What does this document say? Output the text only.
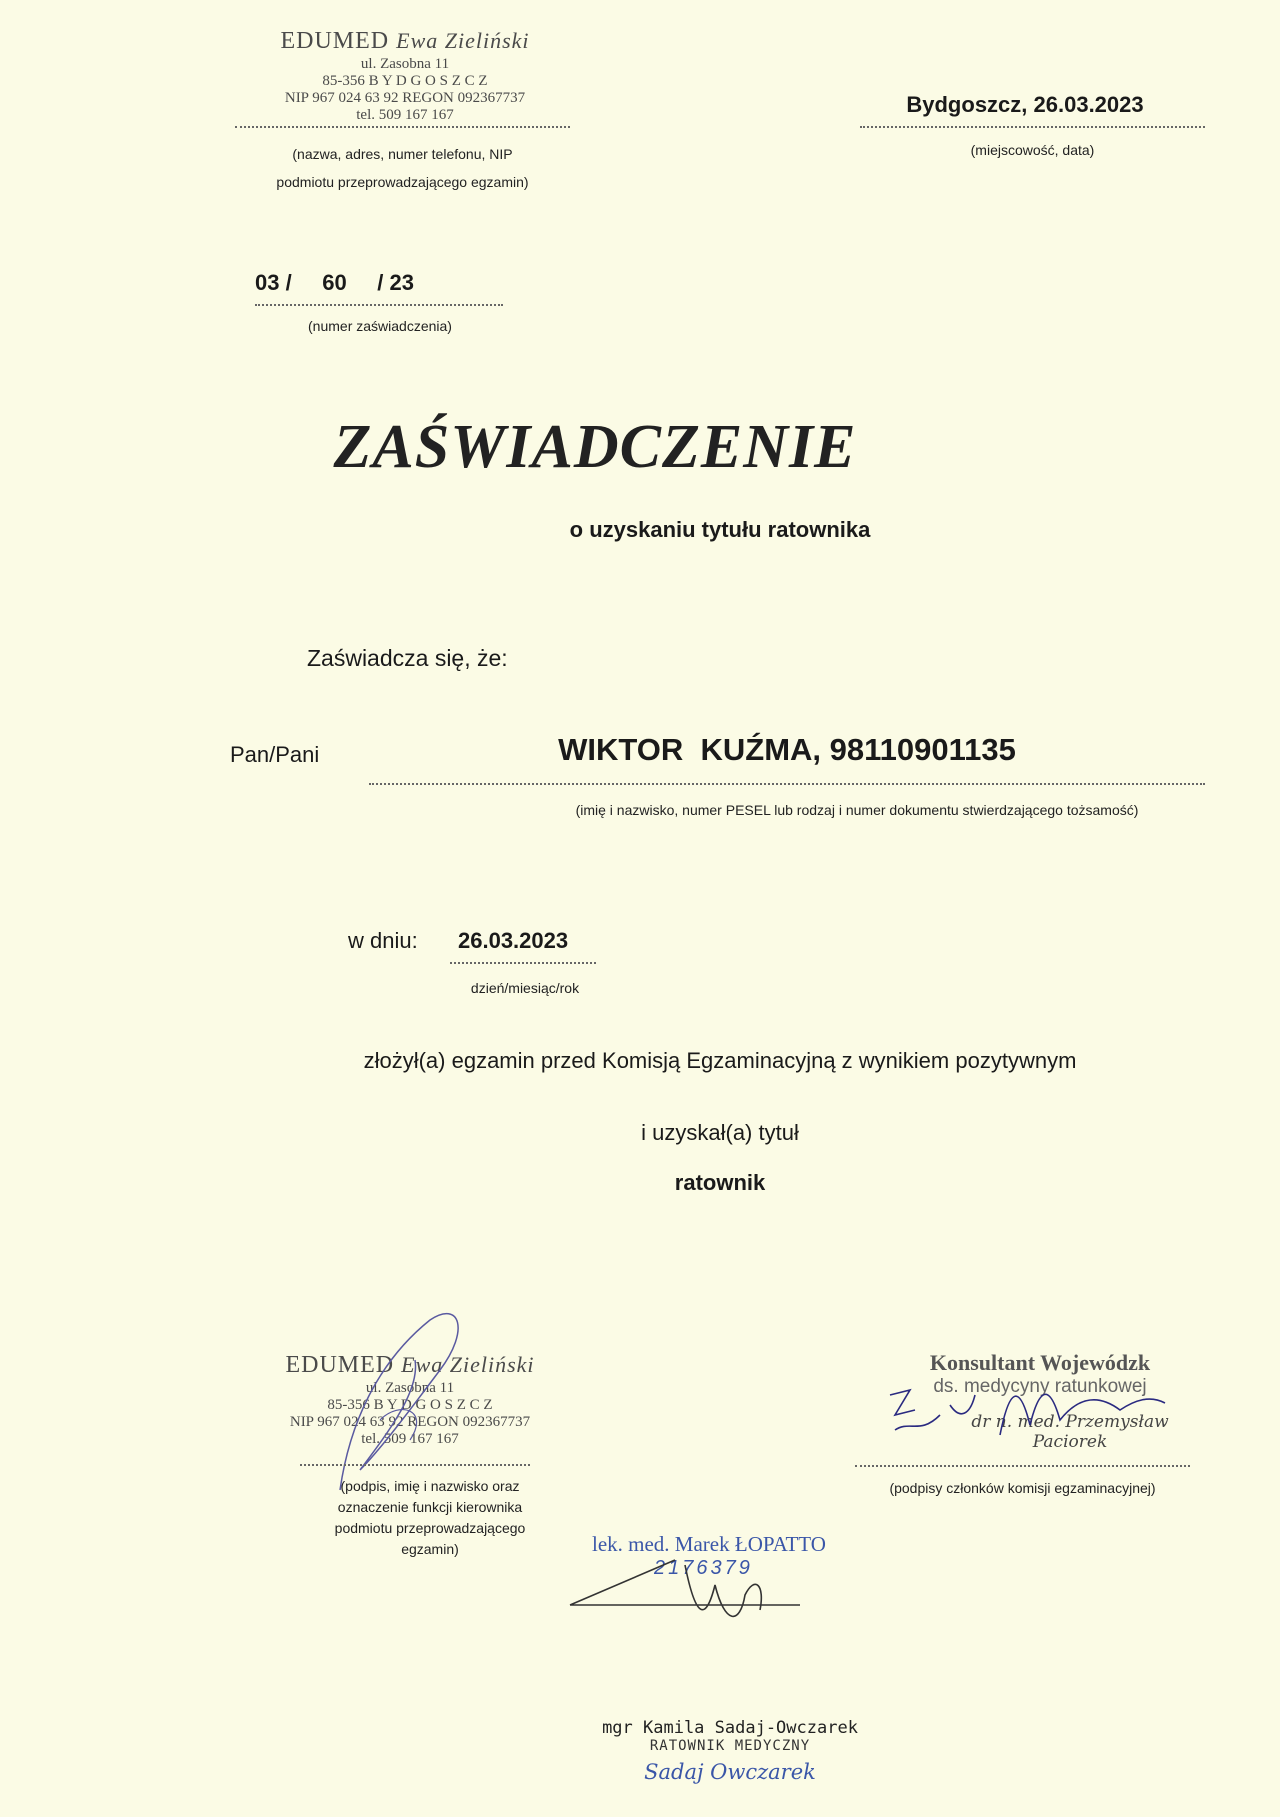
EDUMED Ewa Zieliński
ul. Zasobna 11
85-356 B Y D G O S Z C Z
NIP 967 024 63 92 REGON 092367737
tel. 509 167 167
(nazwa, adres, numer telefonu, NIP
podmiotu przeprowadzającego egzamin)
Bydgoszcz, 26.03.2023
(miejscowość, data)
03 /     60     / 23
(numer zaświadczenia)
ZAŚWIADCZENIE
o uzyskaniu tytułu ratownika
Zaświadcza się, że:
Pan/Pani	WIKTOR  KUŹMA, 98110901135
(imię i nazwisko, numer PESEL lub rodzaj i numer dokumentu stwierdzającego tożsamość)
w dniu: 26.03.2023
dzień/miesiąc/rok
złożył(a) egzamin przed Komisją Egzaminacyjną z wynikiem pozytywnym
i uzyskał(a) tytuł
ratownik
EDUMED Ewa Zieliński
ul. Zasobna 11
85-356 B Y D G O S Z C Z
NIP 967 024 63 92 REGON 092367737
tel. 509 167 167
(podpis, imię i nazwisko oraz oznaczenie funkcji kierownika podmiotu przeprowadzającego egzamin)
Konsultant Wojewódzk
ds. medycyny ratunkowej
dr n. med. Przemysław Paciorek
(podpisy członków komisji egzaminacyjnej)
lek. med. Marek ŁOPATTO
2176379
mgr Kamila Sadaj-Owczarek
RATOWNIK MEDYCZNY
Sadaj Owczarek
